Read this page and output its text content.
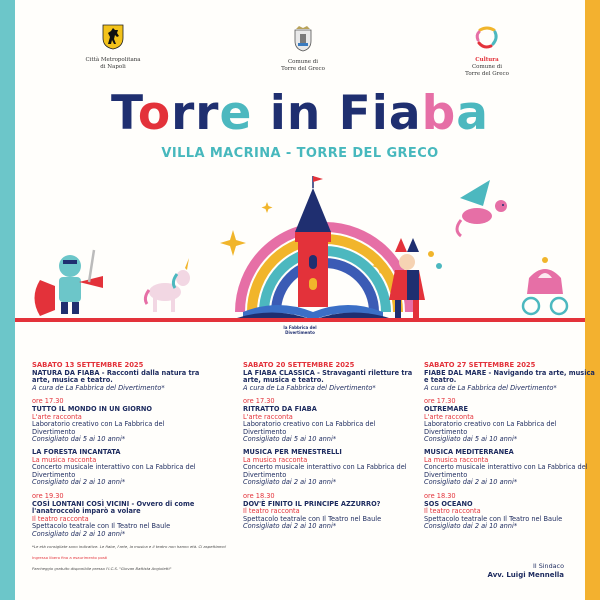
Città Metropolitana
di Napoli
Comune di
Torre del Greco
Cultura
Comune di
Torre del Greco
Torre in Fiaba
VILLA MACRINA - TORRE DEL GRECO
la Fabbrica del
Divertimento
SABATO 13 SETTEMBRE 2025
NATURA DA FIABA - Racconti dalla natura tra arte, musica e teatro.
A cura de La Fabbrica del Divertimento*
ore 17.30
TUTTO IL MONDO IN UN GIORNO
L'arte racconta
Laboratorio creativo con La Fabbrica del Divertimento
Consigliato dai 5 ai 10 anni*
LA FORESTA INCANTATA
La musica racconta
Concerto musicale interattivo con La Fabbrica del Divertimento
Consigliato dai 2 ai 10 anni*
ore 19.30
COSÌ LONTANI COSÌ VICINI - Ovvero di come l'anatroccolo imparò a volare
Il teatro racconta
Spettacolo teatrale con Il Teatro nel Baule
Consigliato dai 2 ai 10 anni*
SABATO 20 SETTEMBRE 2025
LA FIABA CLASSICA - Stravaganti riletture tra arte, musica e teatro.
A cura de La Fabbrica del Divertimento*
ore 17.30
RITRATTO DA FIABA
L'arte racconta
Laboratorio creativo con La Fabbrica del Divertimento
Consigliato dai 5 ai 10 anni*
MUSICA PER MENESTRELLI
La musica racconta
Concerto musicale interattivo con La Fabbrica del Divertimento
Consigliato dai 2 ai 10 anni*
ore 18.30
DOV'È FINITO IL PRINCIPE AZZURRO?
Il teatro racconta
Spettacolo teatrale con Il Teatro nel Baule
Consigliato dai 2 ai 10 anni*
SABATO 27 SETTEMBRE 2025
FIABE DAL MARE - Navigando tra arte, musica e teatro.
A cura de La Fabbrica del Divertimento*
ore 17.30
OLTREMARE
L'arte racconta
Laboratorio creativo con La Fabbrica del Divertimento
Consigliato dai 5 ai 10 anni*
MUSICA MEDITERRANEA
La musica racconta
Concerto musicale interattivo con La Fabbrica del Divertimento
Consigliato dai 2 ai 10 anni*
ore 18.30
SOS OCEANO
Il teatro racconta
Spettacolo teatrale con Il Teatro nel Baule
Consigliato dai 2 ai 10 anni*
*Le età consigliate sono indicative. Le fiabe, l'arte, la musica e il teatro non hanno età. Ci aspettiamo!
Ingresso libero fino a esaurimento posti
Parcheggio gratuito disponibile presso l'I.C.S. "Giovan Battista Angioletti"	Il Sindaco
Avv. Luigi Mennella
